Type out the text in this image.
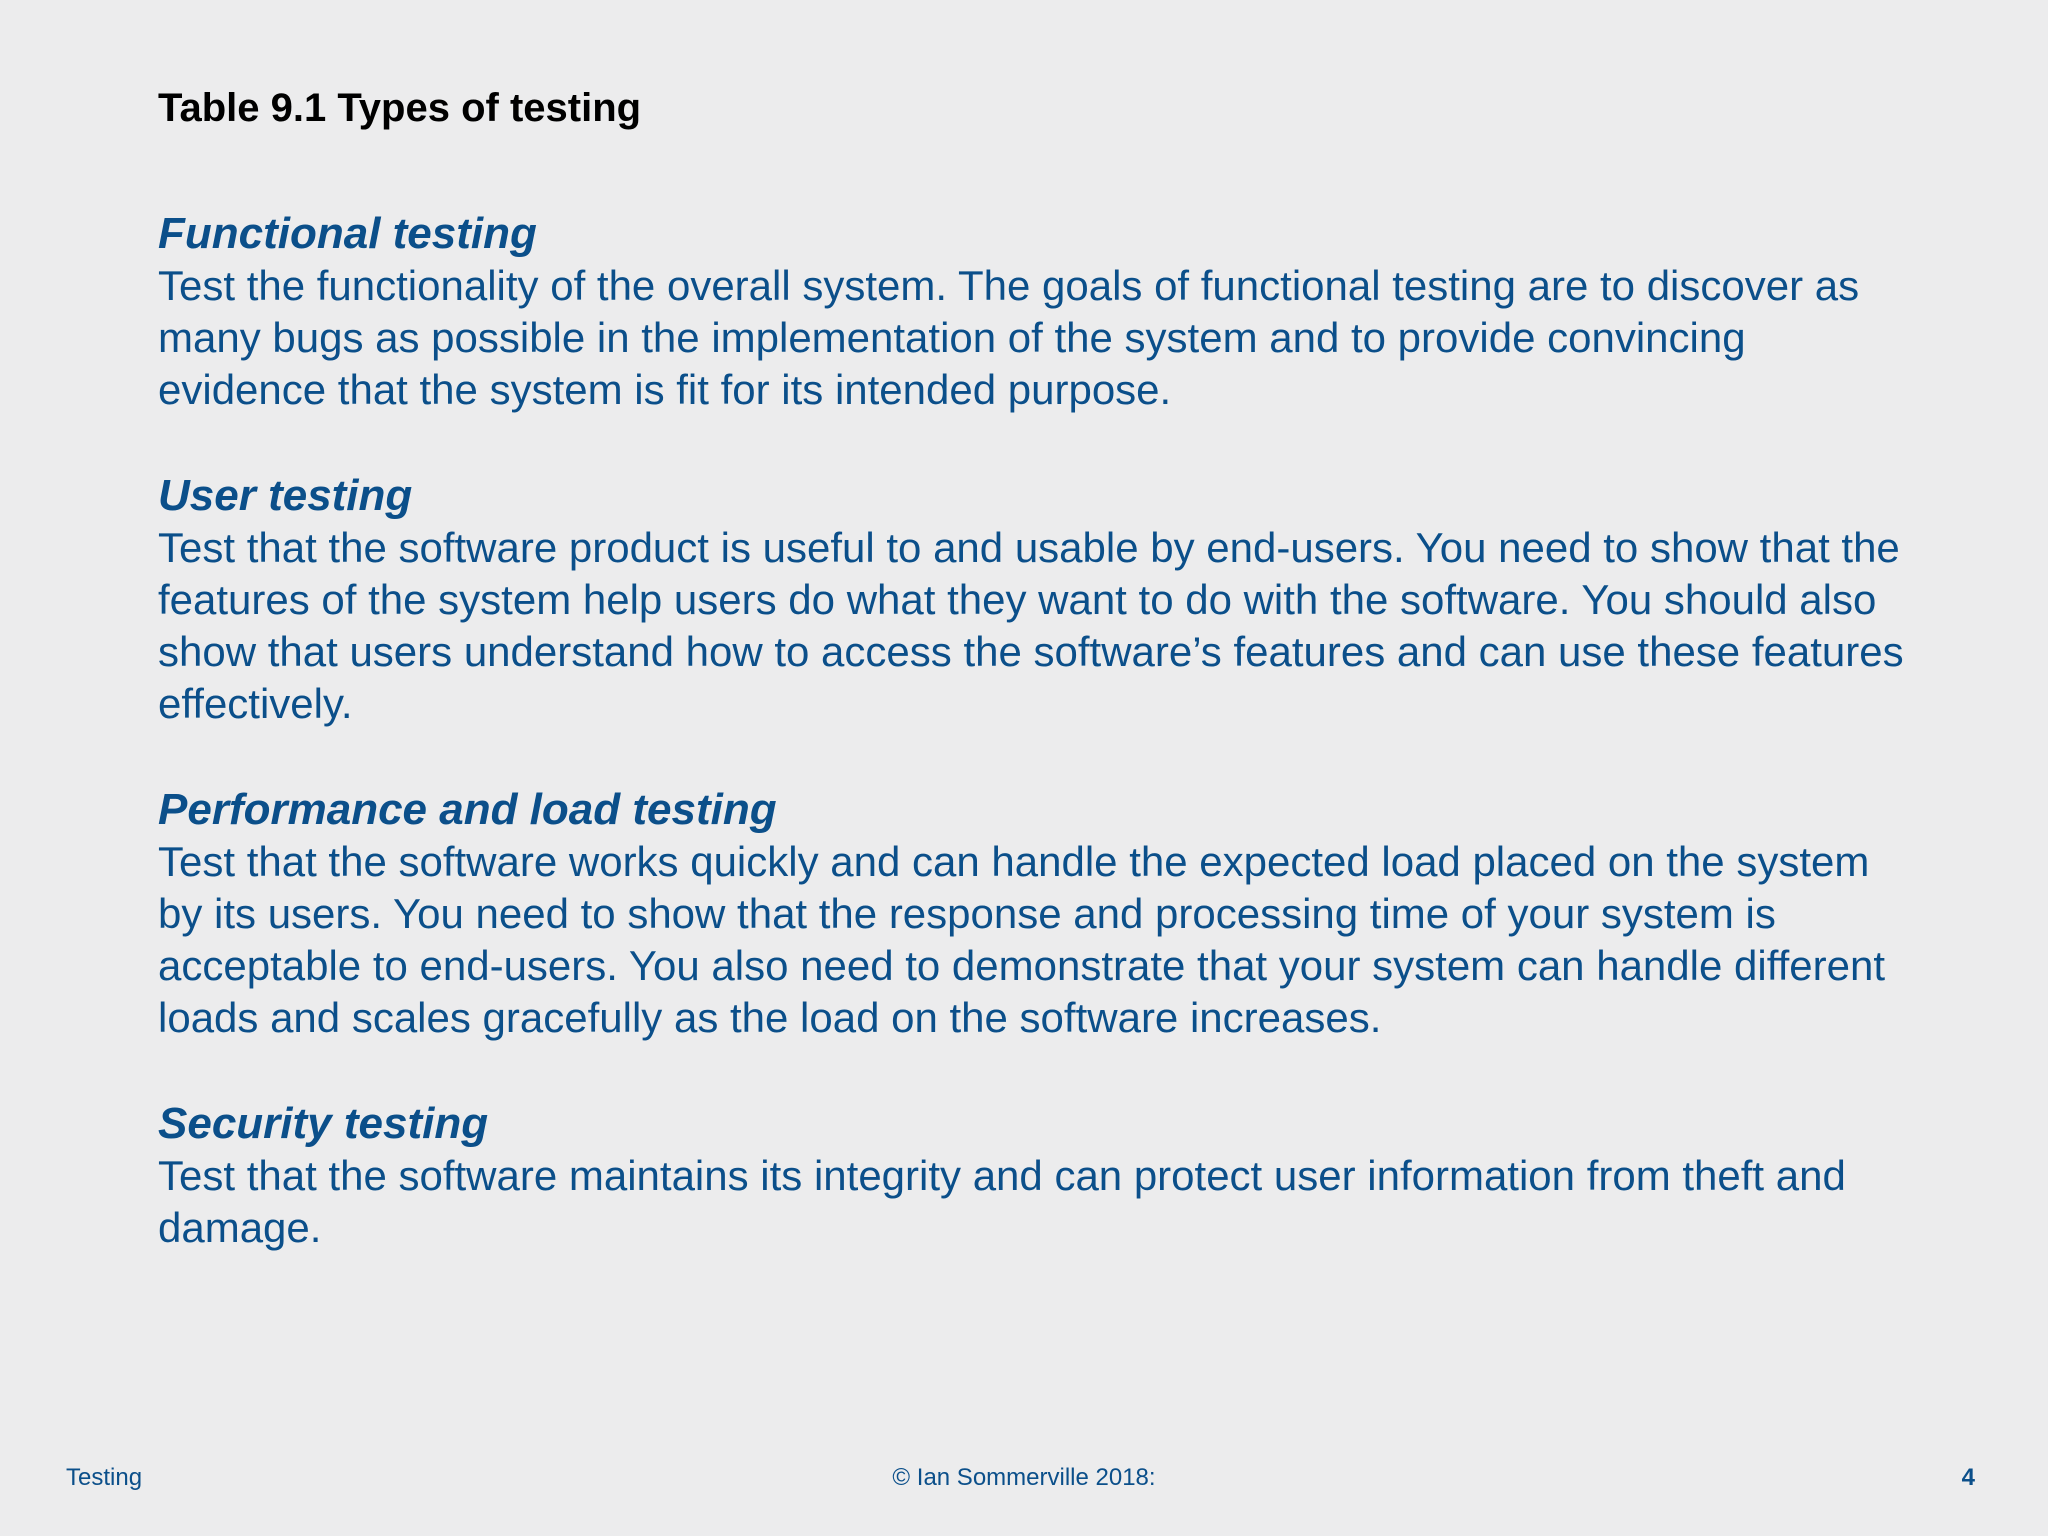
Table 9.1 Types of testing

Functional testing

Test the functionality of the overall system. The goals of functional testing are to discover as many bugs as possible in the implementation of the system and to provide convincing evidence that the system is fit for its intended purpose.

User testing

Test that the software product is useful to and usable by end-users. You need to show that the features of the system help users do what they want to do with the software. You should also show that users understand how to access the software’s features and can use these features effectively.

Performance and load testing

Test that the software works quickly and can handle the expected load placed on the system by its users. You need to show that the response and processing time of your system is acceptable to end-users. You also need to demonstrate that your system can handle different loads and scales gracefully as the load on the software increases.

Security testing

Test that the software maintains its integrity and can protect user information from theft and damage.

Testing	© Ian Sommerville 2018:	4
